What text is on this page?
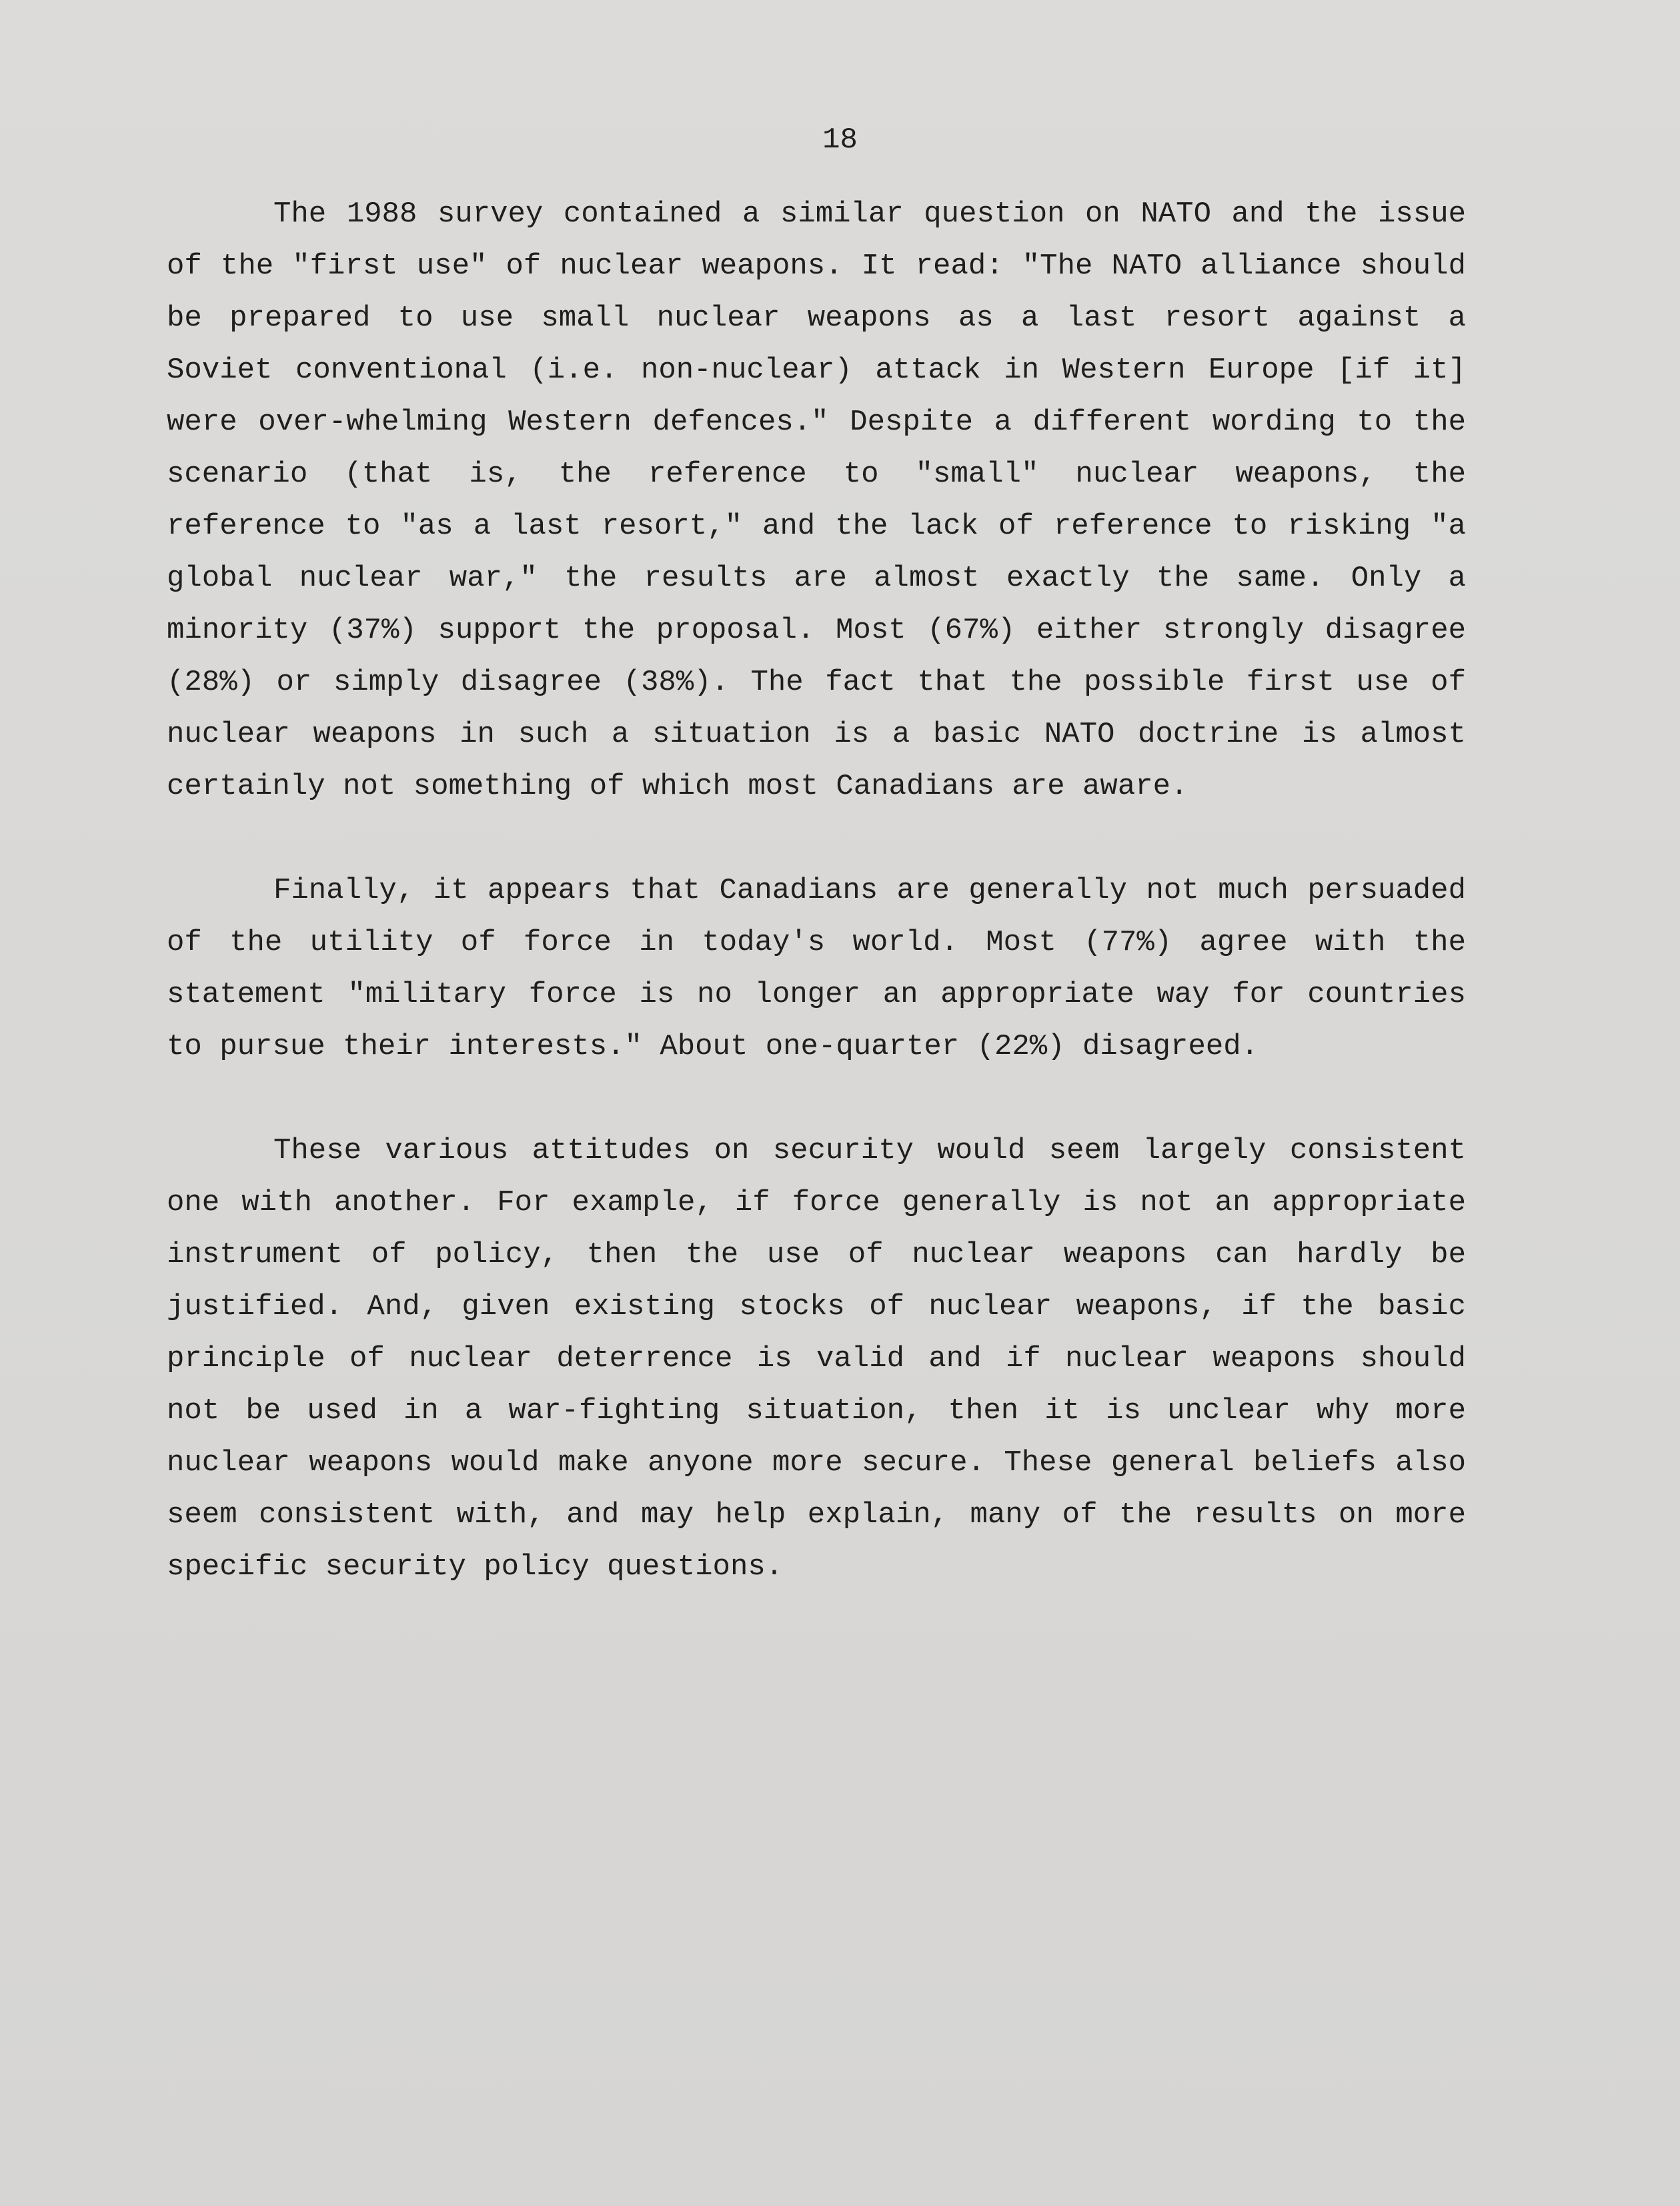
18

The 1988 survey contained a similar question on NATO and the issue of the "first use" of nuclear weapons. It read: "The NATO alliance should be prepared to use small nuclear weapons as a last resort against a Soviet conventional (i.e. non-nuclear) attack in Western Europe [if it] were over-whelming Western defences." Despite a different wording to the scenario (that is, the reference to "small" nuclear weapons, the reference to "as a last resort," and the lack of reference to risking "a global nuclear war," the results are almost exactly the same. Only a minority (37%) support the proposal. Most (67%) either strongly disagree (28%) or simply disagree (38%). The fact that the possible first use of nuclear weapons in such a situation is a basic NATO doctrine is almost certainly not something of which most Canadians are aware.

Finally, it appears that Canadians are generally not much persuaded of the utility of force in today's world. Most (77%) agree with the statement "military force is no longer an appropriate way for countries to pursue their interests." About one-quarter (22%) disagreed.

These various attitudes on security would seem largely consistent one with another. For example, if force generally is not an appropriate instrument of policy, then the use of nuclear weapons can hardly be justified. And, given existing stocks of nuclear weapons, if the basic principle of nuclear deterrence is valid and if nuclear weapons should not be used in a war-fighting situation, then it is unclear why more nuclear weapons would make anyone more secure. These general beliefs also seem consistent with, and may help explain, many of the results on more specific security policy questions.
